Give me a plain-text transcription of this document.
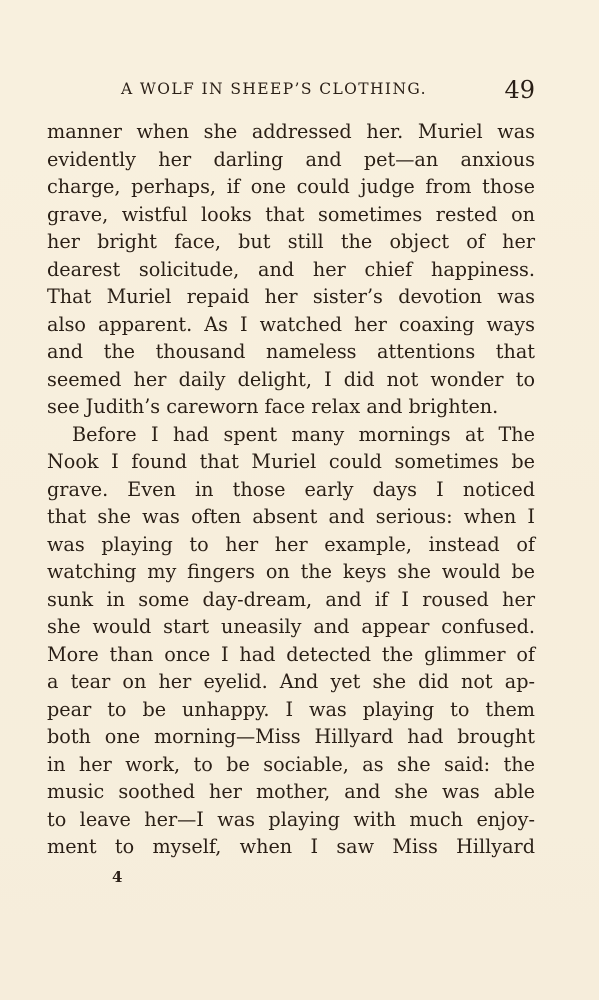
A WOLF IN SHEEP’S CLOTHING.	49
manner when she addressed her. Muriel was
evidently her darling and pet—an anxious
charge, perhaps, if one could judge from those
grave, wistful looks that sometimes rested on
her bright face, but still the object of her
dearest solicitude, and her chief happiness.
That Muriel repaid her sister’s devotion was
also apparent. As I watched her coaxing ways
and the thousand nameless attentions that
seemed her daily delight, I did not wonder to
see Judith’s careworn face relax and brighten.
Before I had spent many mornings at The
Nook I found that Muriel could sometimes be
grave. Even in those early days I noticed
that she was often absent and serious: when I
was playing to her her example, instead of
watching my fingers on the keys she would be
sunk in some day-dream, and if I roused her
she would start uneasily and appear confused.
More than once I had detected the glimmer of
a tear on her eyelid. And yet she did not ap-
pear to be unhappy. I was playing to them
both one morning—Miss Hillyard had brought
in her work, to be sociable, as she said: the
music soothed her mother, and she was able
to leave her—I was playing with much enjoy-
ment to myself, when I saw Miss Hillyard
4
